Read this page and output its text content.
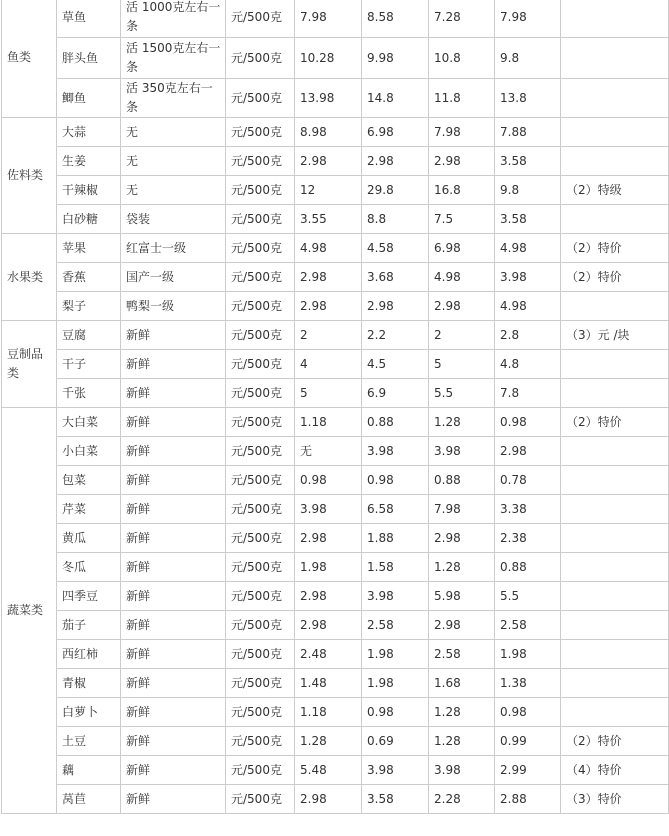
鱼类	草鱼	活 1000克左右一条	元/500克	7.98	8.58	7.28	7.98	
	胖头鱼	活 1500克左右一条	元/500克	10.28	9.98	10.8	9.8	
	鲫鱼	活 350克左右一条	元/500克	13.98	14.8	11.8	13.8	
佐料类	大蒜	无	元/500克	8.98	6.98	7.98	7.88	
	生姜	无	元/500克	2.98	2.98	2.98	3.58	
	干辣椒	无	元/500克	12	29.8	16.8	9.8	（2）特级
	白砂糖	袋装	元/500克	3.55	8.8	7.5	3.58	
水果类	苹果	红富士一级	元/500克	4.98	4.58	6.98	4.98	（2）特价
	香蕉	国产一级	元/500克	2.98	3.68	4.98	3.98	（2）特价
	梨子	鸭梨一级	元/500克	2.98	2.98	2.98	4.98	
豆制品类	豆腐	新鲜	元/500克	2	2.2	2	2.8	（3）元 /块
	干子	新鲜	元/500克	4	4.5	5	4.8	
	千张	新鲜	元/500克	5	6.9	5.5	7.8	
蔬菜类	大白菜	新鲜	元/500克	1.18	0.88	1.28	0.98	（2）特价
	小白菜	新鲜	元/500克	无	3.98	3.98	2.98	
	包菜	新鲜	元/500克	0.98	0.98	0.88	0.78	
	芹菜	新鲜	元/500克	3.98	6.58	7.98	3.38	
	黄瓜	新鲜	元/500克	2.98	1.88	2.98	2.38	
	冬瓜	新鲜	元/500克	1.98	1.58	1.28	0.88	
	四季豆	新鲜	元/500克	2.98	3.98	5.98	5.5	
	茄子	新鲜	元/500克	2.98	2.58	2.98	2.58	
	西红柿	新鲜	元/500克	2.48	1.98	2.58	1.98	
	青椒	新鲜	元/500克	1.48	1.98	1.68	1.38	
	白萝卜	新鲜	元/500克	1.18	0.98	1.28	0.98	
	土豆	新鲜	元/500克	1.28	0.69	1.28	0.99	（2）特价
	藕	新鲜	元/500克	5.48	3.98	3.98	2.99	（4）特价
	莴苣	新鲜	元/500克	2.98	3.58	2.28	2.88	（3）特价
